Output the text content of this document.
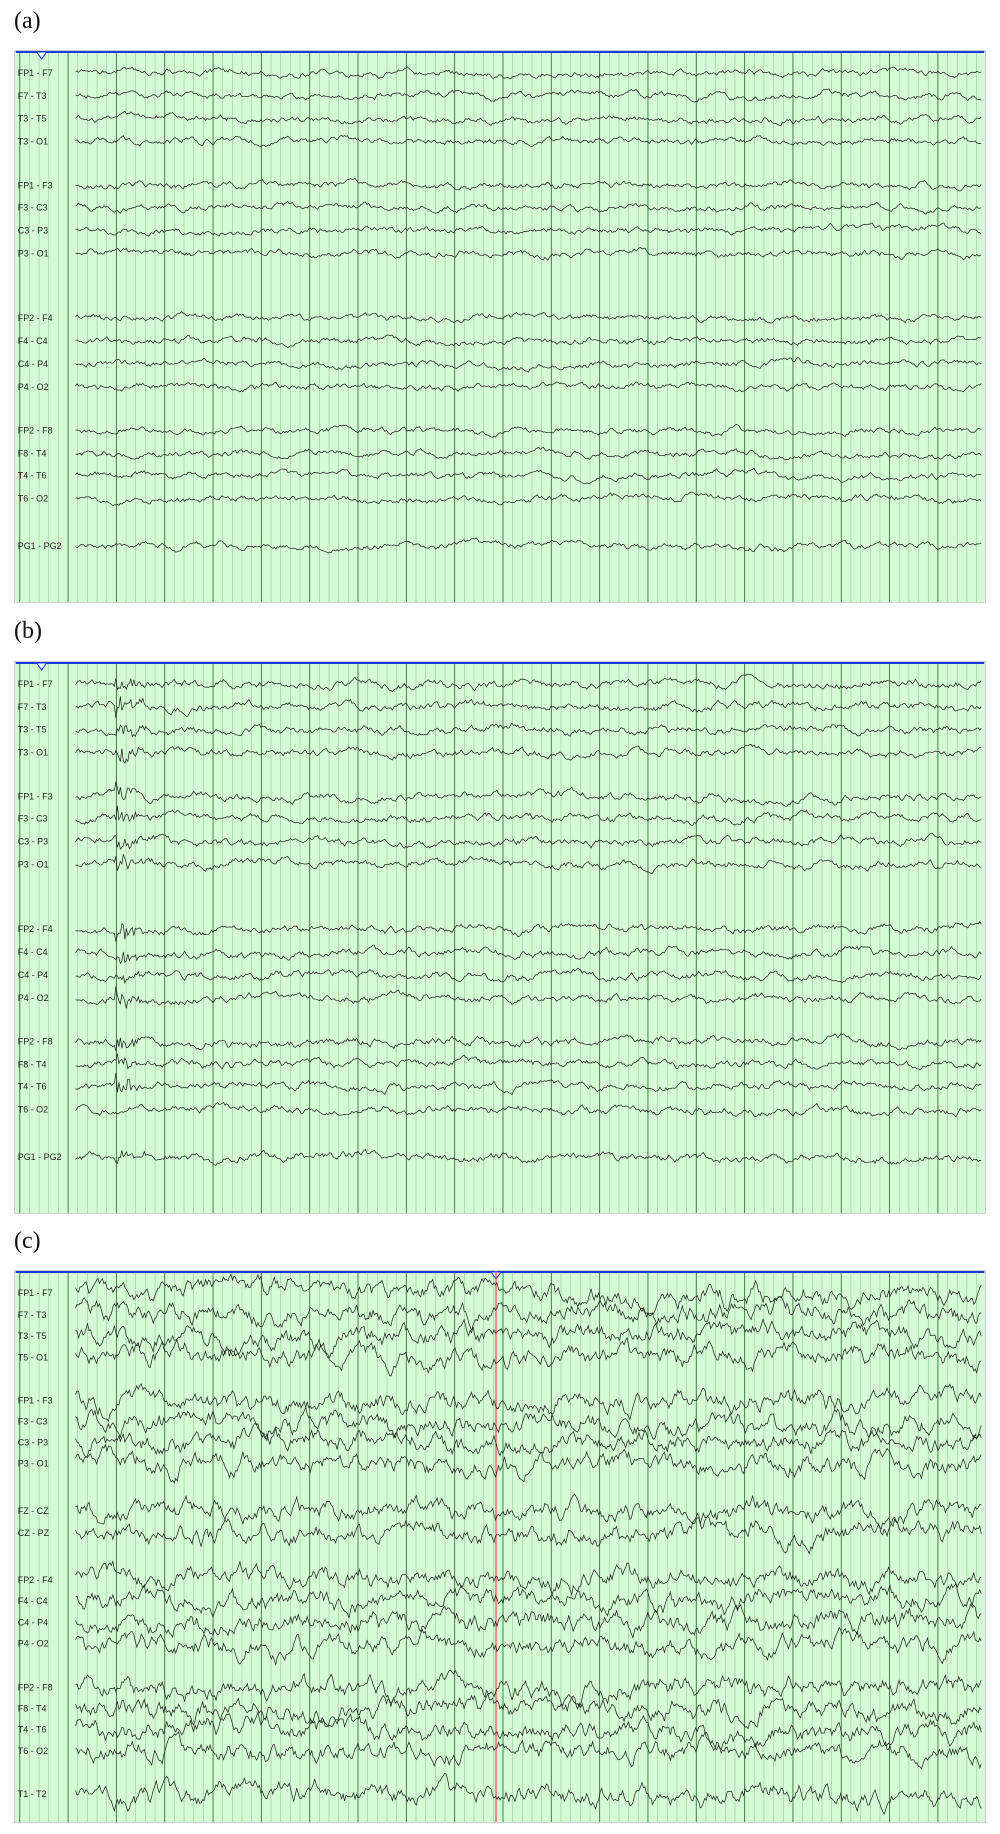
(a)
FP1 - F7
F7 - T3
T3 - T5
T3 - O1
FP1 - F3
F3 - C3
C3 - P3
P3 - O1
FP2 - F4
F4 - C4
C4 - P4
P4 - O2
FP2 - F8
F8 - T4
T4 - T6
T6 - O2
PG1 - PG2
(b)
FP1 - F7
F7 - T3
T3 - T5
T3 - O1
FP1 - F3
F3 - C3
C3 - P3
P3 - O1
FP2 - F4
F4 - C4
C4 - P4
P4 - O2
FP2 - F8
F8 - T4
T4 - T6
T6 - O2
PG1 - PG2
(c)
FP1 - F7
F7 - T3
T3 - T5
T5 - O1
FP1 - F3
F3 - C3
C3 - P3
P3 - O1
FZ - CZ
CZ - PZ
FP2 - F4
F4 - C4
C4 - P4
P4 - O2
FP2 - F8
F8 - T4
T4 - T6
T6 - O2
T1 - T2
